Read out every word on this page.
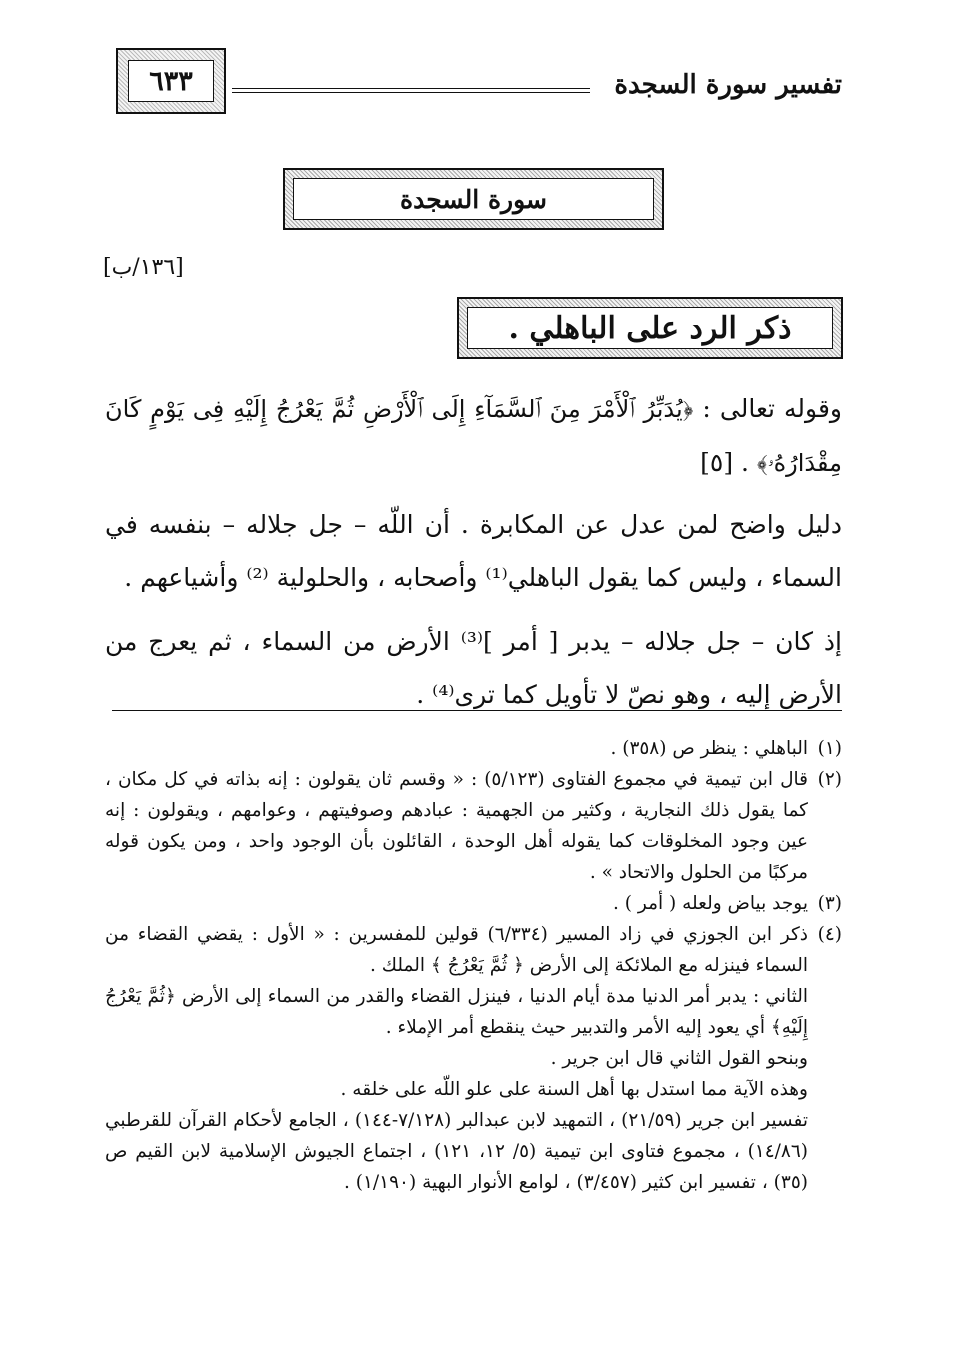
تفسير سورة السجدة
٦٣٣
سورة السجدة
[١٣٦/ب]
ذكر الرد على الباهلي .
وقوله تعالى : ﴿يُدَبِّرُ ٱلْأَمْرَ مِنَ ٱلسَّمَآءِ إِلَى ٱلْأَرْضِ ثُمَّ يَعْرُجُ إِلَيْهِ فِى يَوْمٍ كَانَ مِقْدَارُهُۥ﴾ . [٥]
دليل واضح لمن عدل عن المكابرة . أن اللّه – جل جلاله – بنفسه في السماء ، وليس كما يقول الباهلي⁽¹⁾ وأصحابه ، والحلولية ⁽²⁾ وأشياعهم .
إذ كان – جل جلاله – يدبر [ أمر ]⁽³⁾ الأرض من السماء ، ثم يعرج من الأرض إليه ، وهو نصّ لا تأويل كما ترى⁽⁴⁾ .
(١)
الباهلي : ينظر ص (٣٥٨) .
(٢)
قال ابن تيمية في مجموع الفتاوى (٥/١٢٣) : « وقسم ثان يقولون : إنه بذاته في كل مكان ، كما يقول ذلك النجارية ، وكثير من الجهمية : عبادهم وصوفيتهم ، وعوامهم ، ويقولون : إنه عين وجود المخلوقات كما يقوله أهل الوحدة ، القائلون بأن الوجود واحد ، ومن يكون قوله مركبًا من الحلول والاتحاد » .
(٣)
يوجد بياض ولعله ( أمر ) .
(٤)
ذكر ابن الجوزي في زاد المسير (٦/٣٣٤) قولين للمفسرين : « الأول : يقضي القضاء من السماء فينزله مع الملائكة إلى الأرض ﴿ ثُمَّ يَعْرُجُ ﴾ الملك .
الثاني : يدبر أمر الدنيا مدة أيام الدنيا ، فينزل القضاء والقدر من السماء إلى الأرض ﴿ثُمَّ يَعْرُجُ إِلَيْهِ﴾ أي يعود إليه الأمر والتدبير حيث ينقطع أمر الإملاء .
وبنحو القول الثاني قال ابن جرير .
وهذه الآية مما استدل بها أهل السنة على علو اللّه على خلقه .
تفسير ابن جرير (٢١/٥٩) ، التمهيد لابن عبدالبر (٧/١٢٨-١٤٤) ، الجامع لأحكام القرآن للقرطبي (١٤/٨٦) ، مجموع فتاوى ابن تيمية (٥/ ١٢، ١٢١) ، اجتماع الجيوش الإسلامية لابن القيم ص (٣٥) ، تفسير ابن كثير (٣/٤٥٧) ، لوامع الأنوار البهية (١/١٩٠) .
